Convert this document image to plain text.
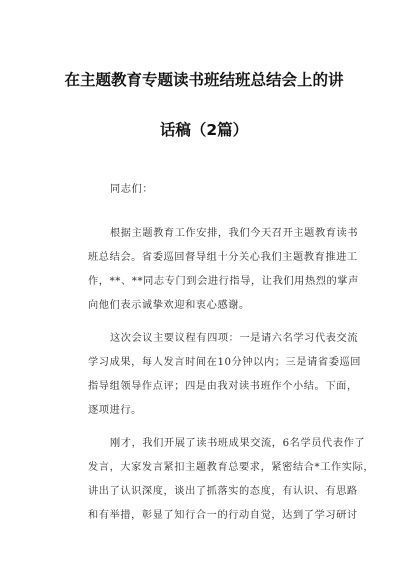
在主题教育专题读书班结班总结会上的讲
话稿（2篇）

同志们：

根据主题教育工作安排，我们今天召开主题教育读书
班总结会。省委巡回督导组十分关心我们主题教育推进工
作，**、**同志专门到会进行指导，让我们用热烈的掌声
向他们表示诚挚欢迎和衷心感谢。

这次会议主要议程有四项：一是请六名学习代表交流
学习成果，每人发言时间在10分钟以内；三是请省委巡回
指导组领导作点评；四是由我对读书班作个小结。下面，
逐项进行。

刚才，我们开展了读书班成果交流，6名学员代表作了
发言，大家发言紧扣主题教育总要求，紧密结合*工作实际，
讲出了认识深度，谈出了抓落实的态度，有认识、有思路
和有举措，彰显了知行合一的行动自觉，达到了学习研讨
